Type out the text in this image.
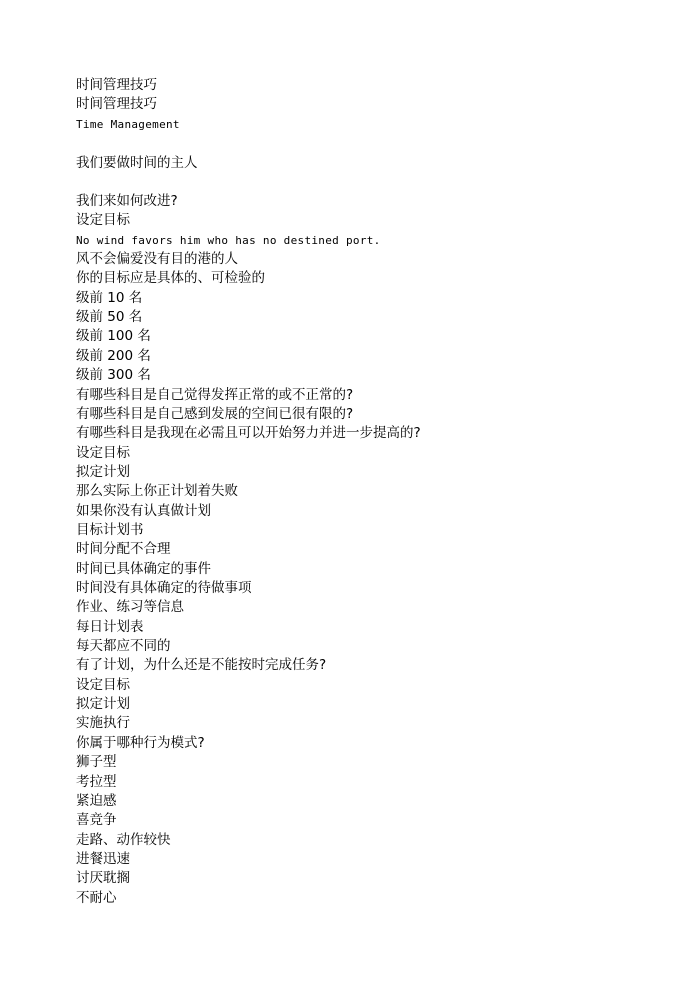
时间管理技巧
时间管理技巧
Time Management
我们要做时间的主人
我们来如何改进?
设定目标
No wind favors him who has no destined port.
风不会偏爱没有目的港的人
你的目标应是具体的、可检验的
级前 10 名
级前 50 名
级前 100 名
级前 200 名
级前 300 名
有哪些科目是自己觉得发挥正常的或不正常的?
有哪些科目是自己感到发展的空间已很有限的?
有哪些科目是我现在必需且可以开始努力并进一步提高的?
设定目标
拟定计划
那么实际上你正计划着失败
如果你没有认真做计划
目标计划书
时间分配不合理
时间已具体确定的事件
时间没有具体确定的待做事项
作业、练习等信息
每日计划表
每天都应不同的
有了计划，为什么还是不能按时完成任务?
设定目标
拟定计划
实施执行
你属于哪种行为模式?
狮子型
考拉型
紧迫感
喜竞争
走路、动作较快
进餐迅速
讨厌耽搁
不耐心
